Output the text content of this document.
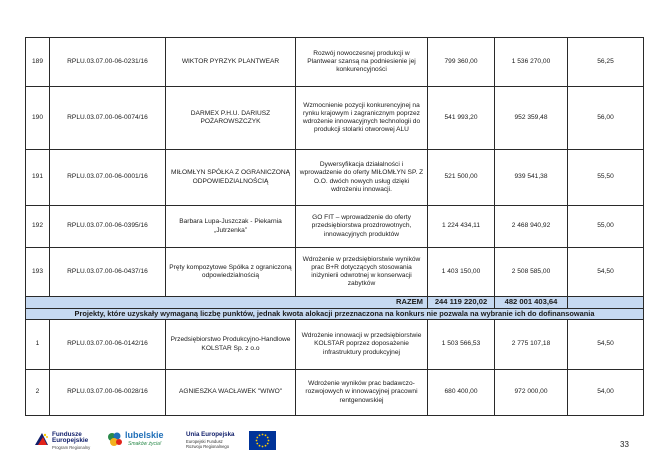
189	RPLU.03.07.00-06-0231/16	WIKTOR PYRZYK PLANTWEAR	Rozwój nowoczesnej produkcji w Plantwear szansą na podniesienie jej konkurencyjności	799 360,00	1 536 270,00	56,25
190	RPLU.03.07.00-06-0074/16	DARMEX P.H.U. DARIUSZ POŻAROWSZCZYK	Wzmocnienie pozycji konkurencyjnej na rynku krajowym i zagranicznym poprzez wdrożenie innowacyjnych technologii do produkcji stolarki otworowej ALU	541 993,20	952 359,48	56,00
191	RPLU.03.07.00-06-0001/16	MIŁOMŁYN SPÓŁKA Z OGRANICZONĄ ODPOWIEDZIALNOŚCIĄ	Dywersyfikacja działalności i wprowadzenie do oferty MIŁOMŁYN SP. Z O.O. dwóch nowych usług dzięki wdrożeniu innowacji.	521 500,00	939 541,38	55,50
192	RPLU.03.07.00-06-0395/16	Barbara Lupa-Juszczak - Piekarnia „Jutrzenka”	GO FIT – wprowadzenie do oferty przedsiębiorstwa prozdrowotnych, innowacyjnych produktów	1 224 434,11	2 468 940,92	55,00
193	RPLU.03.07.00-06-0437/16	Pręty kompozytowe Spółka z ograniczoną odpowiedzialnością	Wdrożenie w przedsiębiorstwie wyników prac B+R dotyczących stosowania iniżynierii odwrotnej w konserwacji zabytków	1 403 150,00	2 508 585,00	54,50
RAZEM				244 119 220,02	482 001 403,64	
Projekty, które uzyskały wymaganą liczbę punktów, jednak kwota alokacji przeznaczona na konkurs nie pozwala na wybranie ich do dofinansowania						
1	RPLU.03.07.00-06-0142/16	Przedsiębiorstwo Produkcyjno-Handlowe KOLSTAR Sp. z o.o	Wdrożenie innowacji w przedsiębiorstwie KOLSTAR poprzez doposażenie infrastruktury produkcyjnej	1 503 566,53	2 775 107,18	54,50
2	RPLU.03.07.00-06-0028/16	AGNIESZKA WACŁAWEK "WIWO"	Wdrożenie wyników prac badawczo-rozwojowych w innowacyjnej pracowni rentgenowskiej	680 400,00	972 000,00	54,00
Fundusze
Europejskie
Program Regionalny
lubelskie
Smaków życia!
Unia Europejska
Europejski Fundusz
Rozwoju Regionalnego	33
